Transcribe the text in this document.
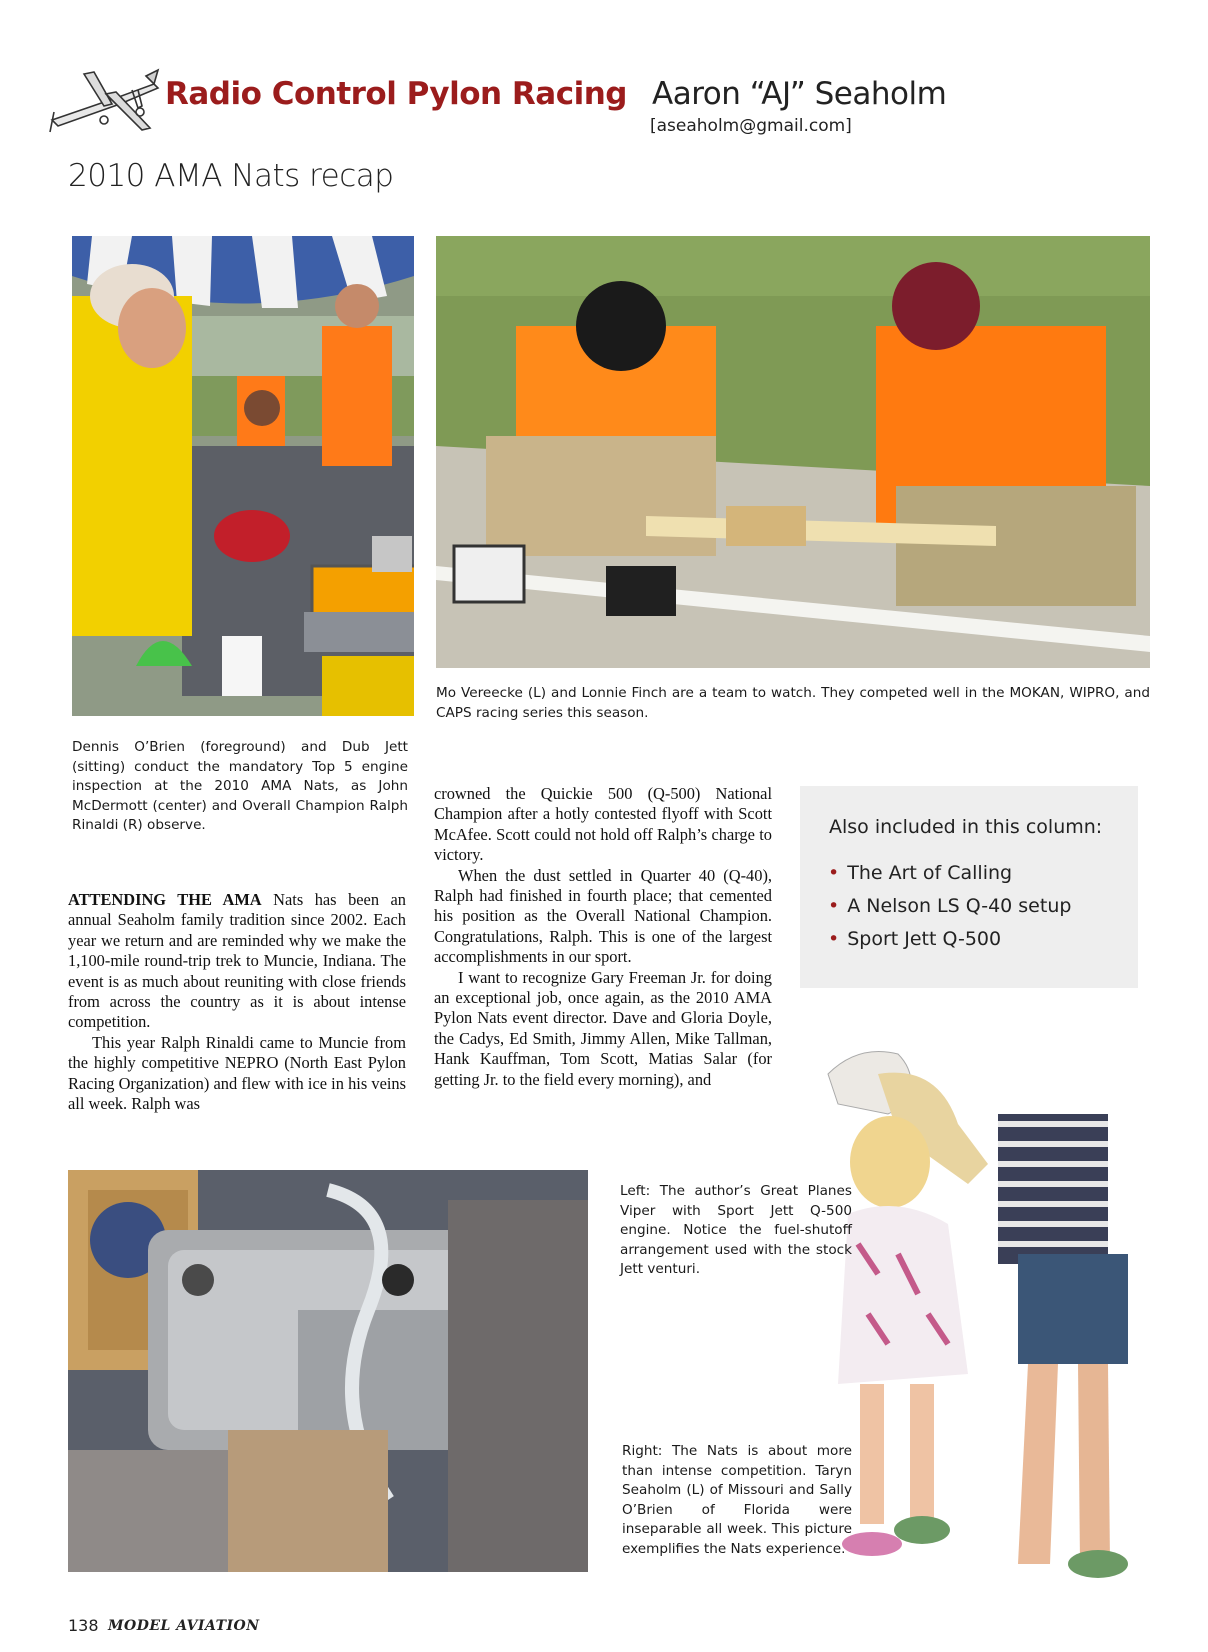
Radio Control Pylon Racing Aaron “AJ” Seaholm
[aseaholm@gmail.com]
2010 AMA Nats recap
Mo Vereecke (L) and Lonnie Finch are a team to watch. They competed well in the MOKAN, WIPRO, and CAPS racing series this season.
Dennis O’Brien (foreground) and Dub Jett (sitting) conduct the mandatory Top 5 engine inspection at the 2010 AMA Nats, as John McDermott (center) and Overall Champion Ralph Rinaldi (R) observe.

ATTENDING THE AMA Nats has been an annual Seaholm family tradition since 2002. Each year we return and are reminded why we make the 1,100-mile round-trip trek to Muncie, Indiana. The event is as much about reuniting with close friends from across the country as it is about intense competition.

This year Ralph Rinaldi came to Muncie from the highly competitive NEPRO (North East Pylon Racing Organization) and flew with ice in his veins all week. Ralph was

crowned the Quickie 500 (Q-500) National Champion after a hotly contested flyoff with Scott McAfee. Scott could not hold off Ralph’s charge to victory.

When the dust settled in Quarter 40 (Q-40), Ralph had finished in fourth place; that cemented his position as the Overall National Champion. Congratulations, Ralph. This is one of the largest accomplishments in our sport.

I want to recognize Gary Freeman Jr. for doing an exceptional job, once again, as the 2010 AMA Pylon Nats event director. Dave and Gloria Doyle, the Cadys, Ed Smith, Jimmy Allen, Mike Tallman, Hank Kauffman, Tom Scott, Matias Salar (for getting Jr. to the field every morning), and

Also included in this column:
• The Art of Calling
• A Nelson LS Q-40 setup
• Sport Jett Q-500
Left: The author’s Great Planes Viper with Sport Jett Q-500 engine. Notice the fuel-shutoff arrangement used with the stock Jett venturi.
Right: The Nats is about more than intense competition. Taryn Seaholm (L) of Missouri and Sally O’Brien of Florida were inseparable all week. This picture exemplifies the Nats experience.
138 MODEL AVIATION
